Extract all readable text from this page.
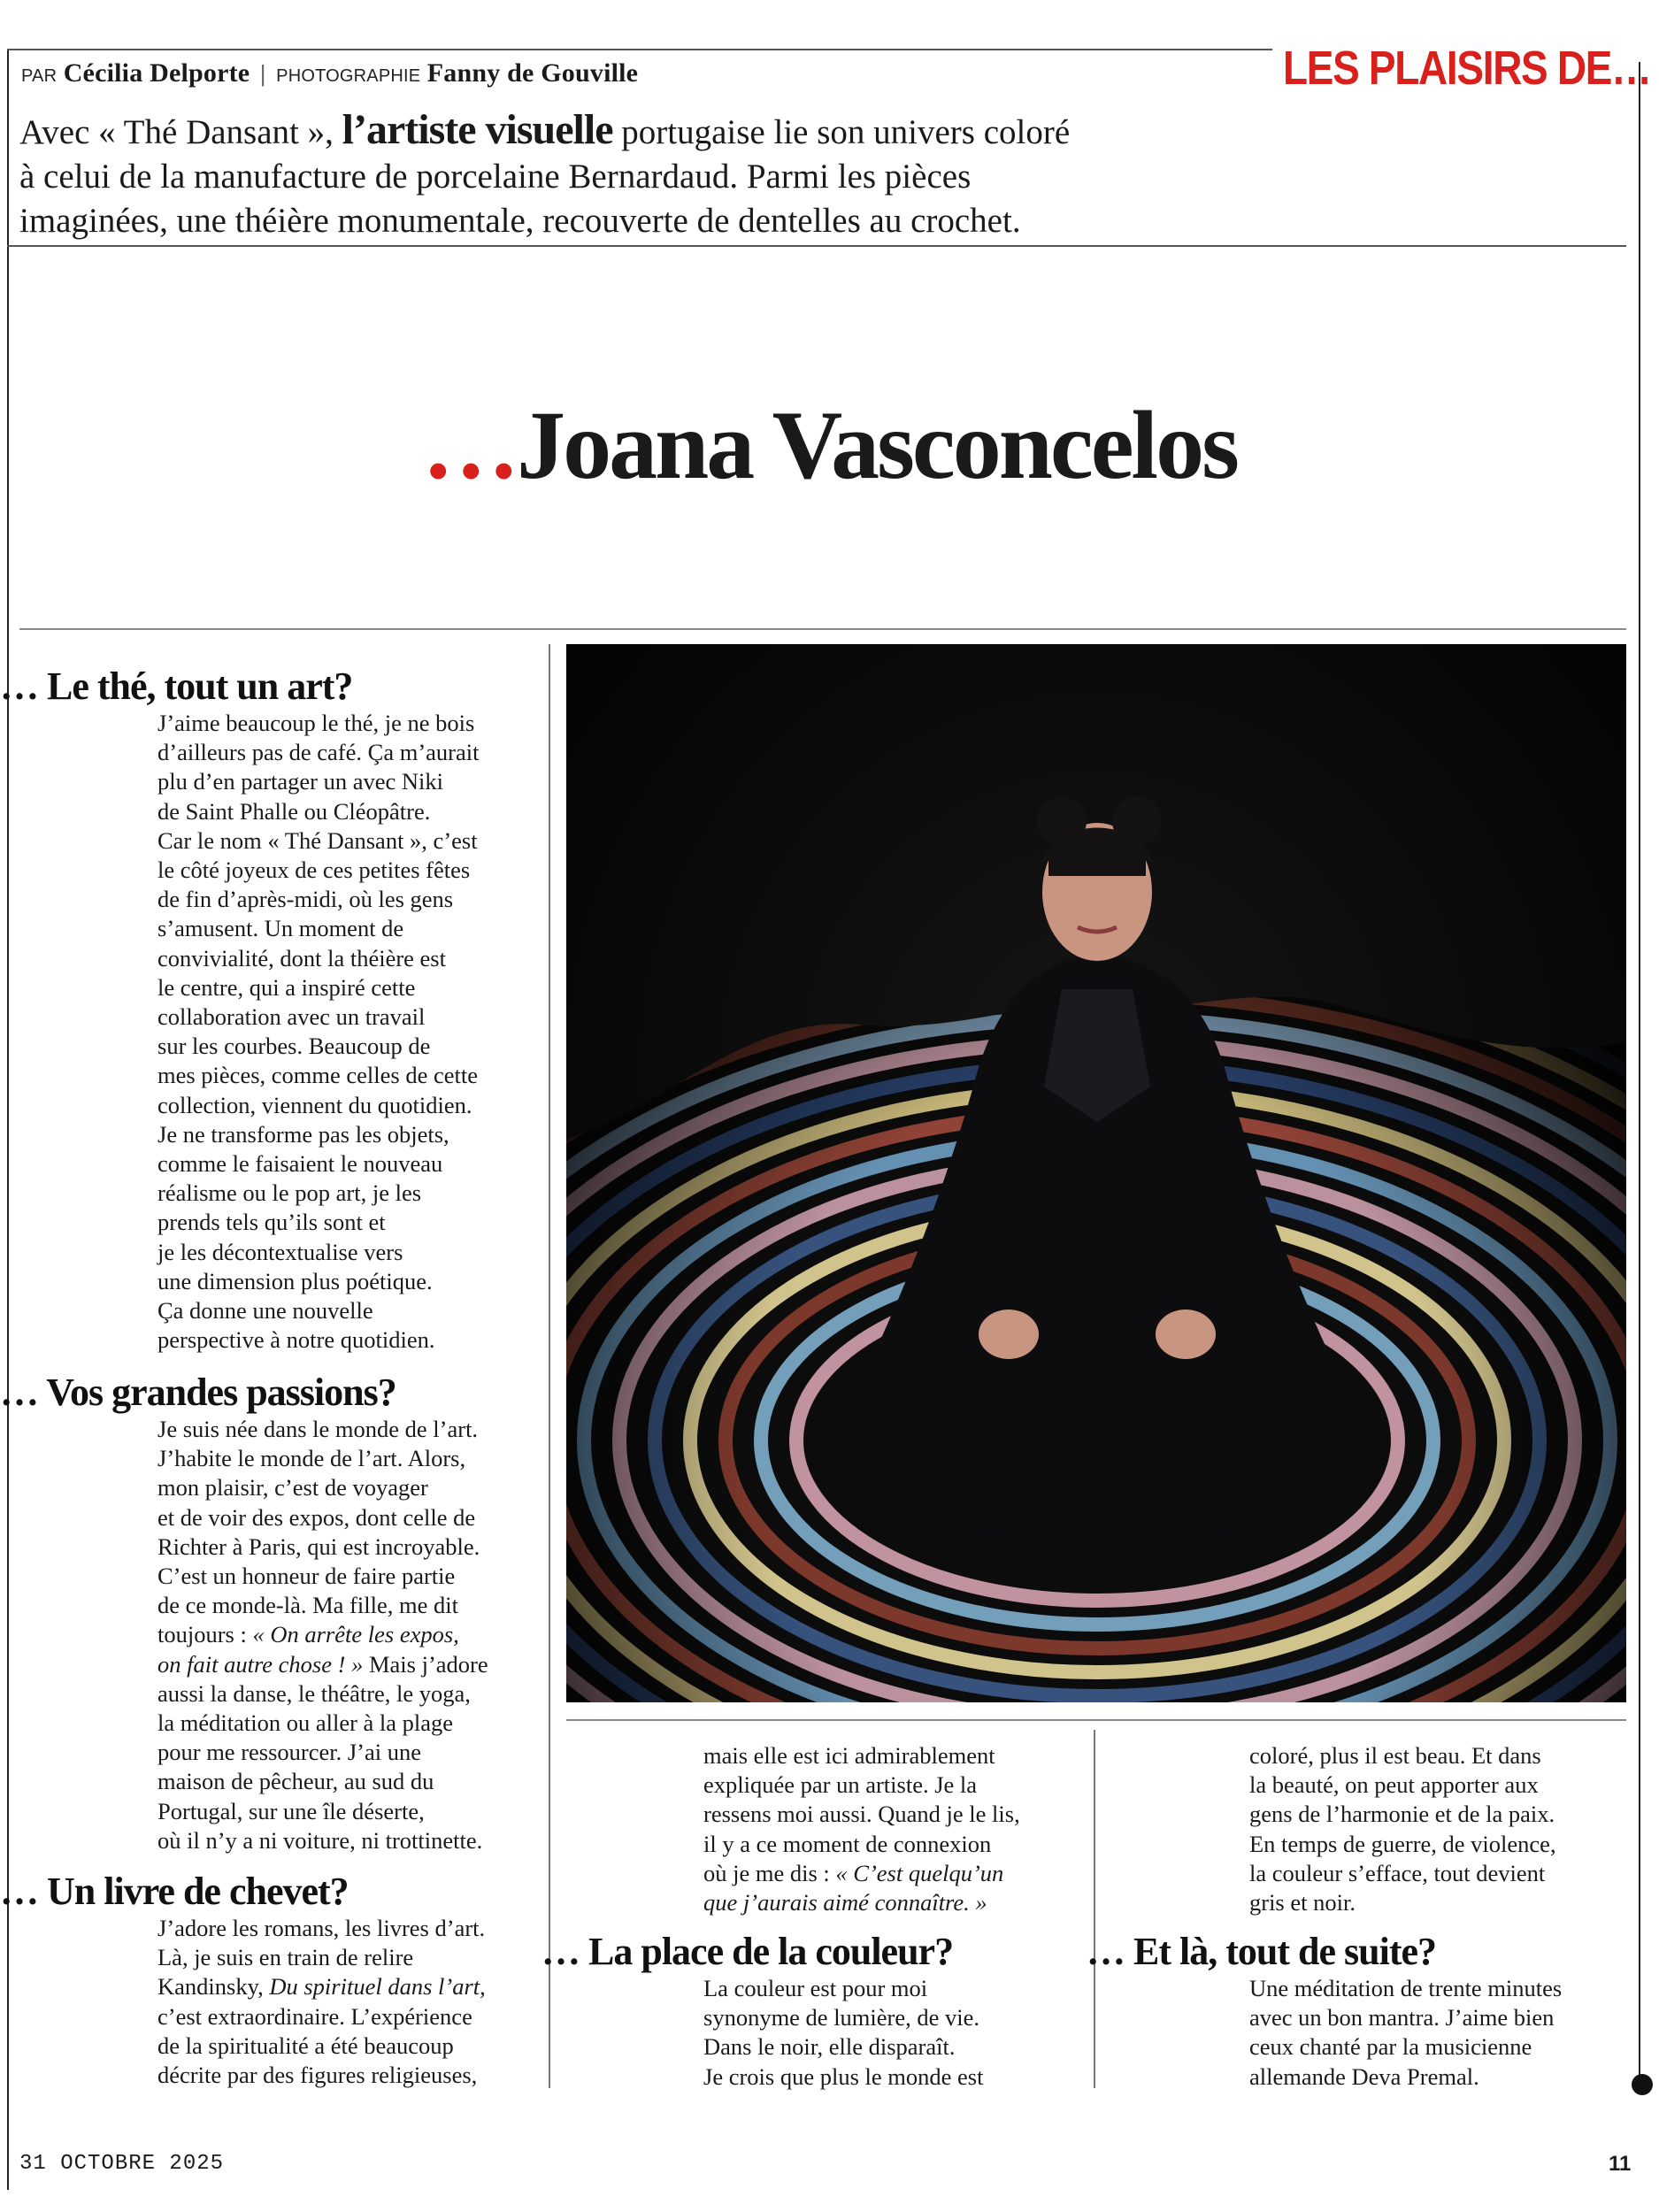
PAR Cécilia Delporte | PHOTOGRAPHIE Fanny de Gouville	LES PLAISIRS DE…
Avec « Thé Dansant », l’artiste visuelle portugaise lie son univers coloré
à celui de la manufacture de porcelaine Bernardaud. Parmi les pièces
imaginées, une théière monumentale, recouverte de dentelles au crochet.
…Joana Vasconcelos
… Le thé, tout un art?
J’aime beaucoup le thé, je ne bois
d’ailleurs pas de café. Ça m’aurait
plu d’en partager un avec Niki
de Saint Phalle ou Cléopâtre.
Car le nom « Thé Dansant », c’est
le côté joyeux de ces petites fêtes
de fin d’après-midi, où les gens
s’amusent. Un moment de
convivialité, dont la théière est
le centre, qui a inspiré cette
collaboration avec un travail
sur les courbes. Beaucoup de
mes pièces, comme celles de cette
collection, viennent du quotidien.
Je ne transforme pas les objets,
comme le faisaient le nouveau
réalisme ou le pop art, je les
prends tels qu’ils sont et
je les décontextualise vers
une dimension plus poétique.
Ça donne une nouvelle
perspective à notre quotidien.
… Vos grandes passions?
Je suis née dans le monde de l’art.
J’habite le monde de l’art. Alors,
mon plaisir, c’est de voyager
et de voir des expos, dont celle de
Richter à Paris, qui est incroyable.
C’est un honneur de faire partie
de ce monde-là. Ma fille, me dit
toujours : « On arrête les expos,
on fait autre chose ! » Mais j’adore
aussi la danse, le théâtre, le yoga,
la méditation ou aller à la plage
pour me ressourcer. J’ai une
maison de pêcheur, au sud du
Portugal, sur une île déserte,
où il n’y a ni voiture, ni trottinette.
… Un livre de chevet?
J’adore les romans, les livres d’art.
Là, je suis en train de relire
Kandinsky, Du spirituel dans l’art,
c’est extraordinaire. L’expérience
de la spiritualité a été beaucoup
décrite par des figures religieuses,
mais elle est ici admirablement
expliquée par un artiste. Je la
ressens moi aussi. Quand je le lis,
il y a ce moment de connexion
où je me dis : « C’est quelqu’un
que j’aurais aimé connaître. »
… La place de la couleur?
La couleur est pour moi
synonyme de lumière, de vie.
Dans le noir, elle disparaît.
Je crois que plus le monde est
coloré, plus il est beau. Et dans
la beauté, on peut apporter aux
gens de l’harmonie et de la paix.
En temps de guerre, de violence,
la couleur s’efface, tout devient
gris et noir.
… Et là, tout de suite?
Une méditation de trente minutes
avec un bon mantra. J’aime bien
ceux chanté par la musicienne
allemande Deva Premal.
31 OCTOBRE 2025	11
